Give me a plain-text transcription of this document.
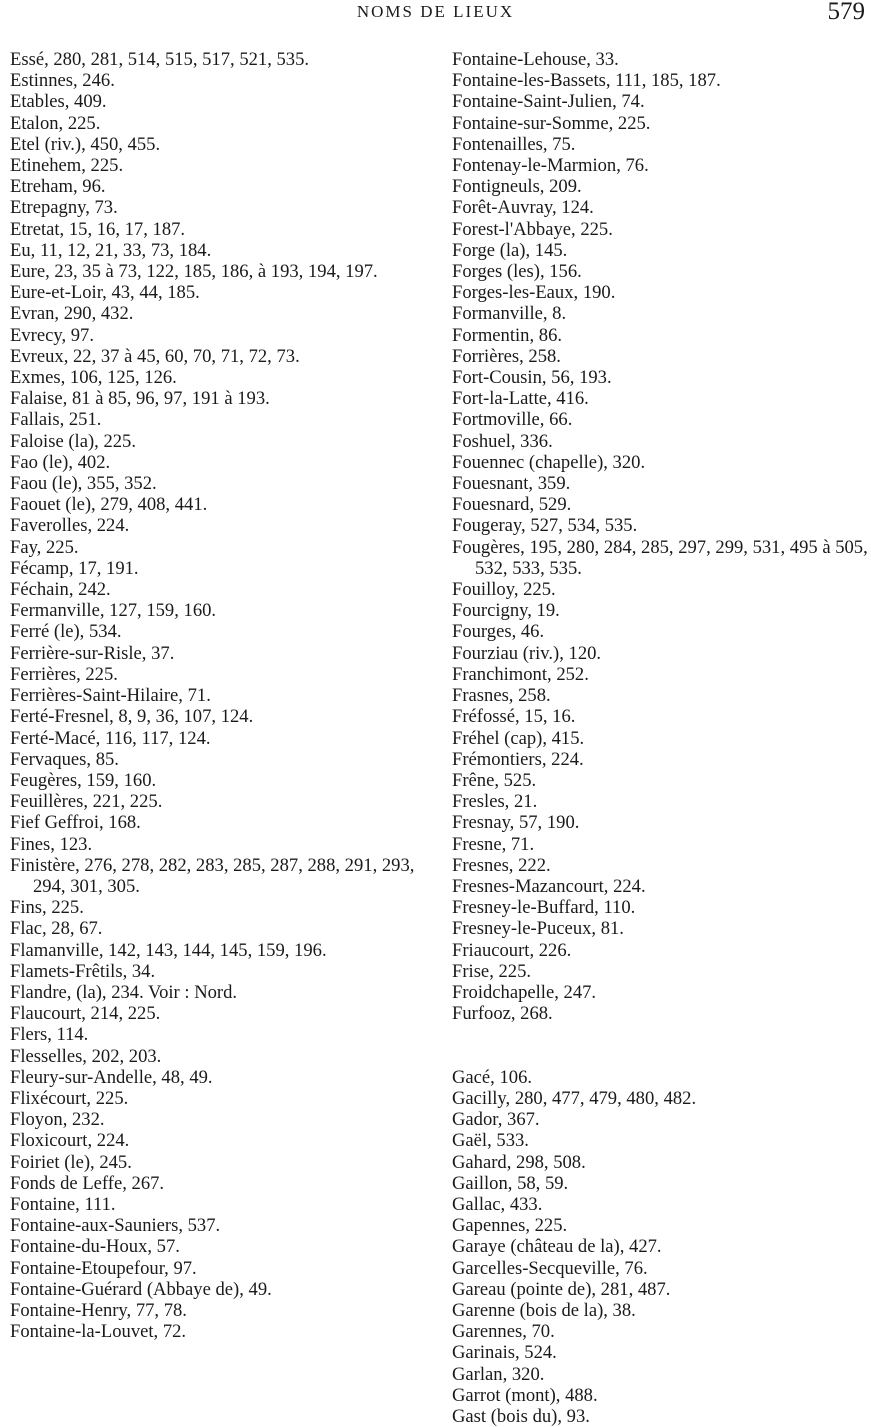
NOMS DE LIEUX	579

Essé, 280, 281, 514, 515, 517, 521, 535.

Estinnes, 246.

Etables, 409.

Etalon, 225.

Etel (riv.), 450, 455.

Etinehem, 225.

Etreham, 96.

Etrepagny, 73.

Etretat, 15, 16, 17, 187.

Eu, 11, 12, 21, 33, 73, 184.

Eure, 23, 35 à 73, 122, 185, 186, à 193, 194, 197.

Eure-et-Loir, 43, 44, 185.

Evran, 290, 432.

Evrecy, 97.

Evreux, 22, 37 à 45, 60, 70, 71, 72, 73.

Exmes, 106, 125, 126.

Falaise, 81 à 85, 96, 97, 191 à 193.

Fallais, 251.

Faloise (la), 225.

Fao (le), 402.

Faou (le), 355, 352.

Faouet (le), 279, 408, 441.

Faverolles, 224.

Fay, 225.

Fécamp, 17, 191.

Féchain, 242.

Fermanville, 127, 159, 160.

Ferré (le), 534.

Ferrière-sur-Risle, 37.

Ferrières, 225.

Ferrières-Saint-Hilaire, 71.

Ferté-Fresnel, 8, 9, 36, 107, 124.

Ferté-Macé, 116, 117, 124.

Fervaques, 85.

Feugères, 159, 160.

Feuillères, 221, 225.

Fief Geffroi, 168.

Fines, 123.

Finistère, 276, 278, 282, 283, 285, 287, 288, 291, 293, 294, 301, 305.

Fins, 225.

Flac, 28, 67.

Flamanville, 142, 143, 144, 145, 159, 196.

Flamets-Frêtils, 34.

Flandre, (la), 234. Voir : Nord.

Flaucourt, 214, 225.

Flers, 114.

Flesselles, 202, 203.

Fleury-sur-Andelle, 48, 49.

Flixécourt, 225.

Floyon, 232.

Floxicourt, 224.

Foiriet (le), 245.

Fonds de Leffe, 267.

Fontaine, 111.

Fontaine-aux-Sauniers, 537.

Fontaine-du-Houx, 57.

Fontaine-Etoupefour, 97.

Fontaine-Guérard (Abbaye de), 49.

Fontaine-Henry, 77, 78.

Fontaine-la-Louvet, 72.

Fontaine-Lehouse, 33.

Fontaine-les-Bassets, 111, 185, 187.

Fontaine-Saint-Julien, 74.

Fontaine-sur-Somme, 225.

Fontenailles, 75.

Fontenay-le-Marmion, 76.

Fontigneuls, 209.

Forêt-Auvray, 124.

Forest-l'Abbaye, 225.

Forge (la), 145.

Forges (les), 156.

Forges-les-Eaux, 190.

Formanville, 8.

Formentin, 86.

Forrières, 258.

Fort-Cousin, 56, 193.

Fort-la-Latte, 416.

Fortmoville, 66.

Foshuel, 336.

Fouennec (chapelle), 320.

Fouesnant, 359.

Fouesnard, 529.

Fougeray, 527, 534, 535.

Fougères, 195, 280, 284, 285, 297, 299, 531, 495 à 505, 532, 533, 535.

Fouilloy, 225.

Fourcigny, 19.

Fourges, 46.

Fourziau (riv.), 120.

Franchimont, 252.

Frasnes, 258.

Fréfossé, 15, 16.

Fréhel (cap), 415.

Frémontiers, 224.

Frêne, 525.

Fresles, 21.

Fresnay, 57, 190.

Fresne, 71.

Fresnes, 222.

Fresnes-Mazancourt, 224.

Fresney-le-Buffard, 110.

Fresney-le-Puceux, 81.

Friaucourt, 226.

Frise, 225.

Froidchapelle, 247.

Furfooz, 268.

Gacé, 106.

Gacilly, 280, 477, 479, 480, 482.

Gador, 367.

Gaël, 533.

Gahard, 298, 508.

Gaillon, 58, 59.

Gallac, 433.

Gapennes, 225.

Garaye (château de la), 427.

Garcelles-Secqueville, 76.

Gareau (pointe de), 281, 487.

Garenne (bois de la), 38.

Garennes, 70.

Garinais, 524.

Garlan, 320.

Garrot (mont), 488.

Gast (bois du), 93.
